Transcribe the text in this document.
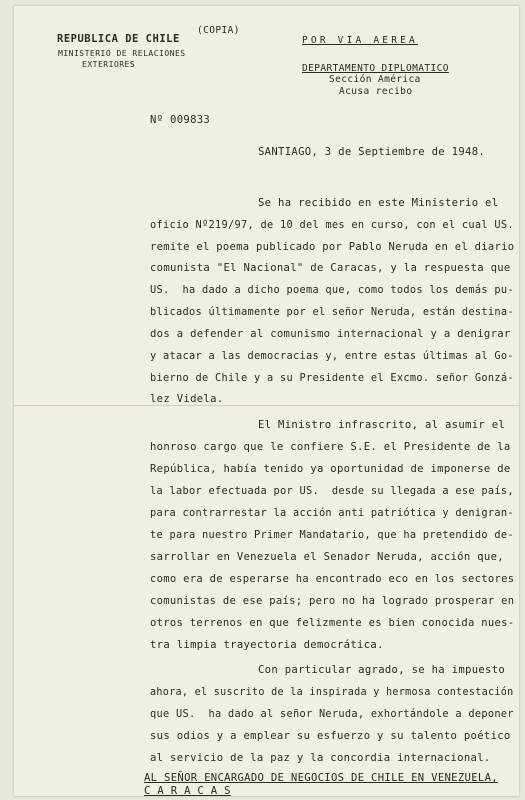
REPUBLICA DE CHILE
MINISTERIO DE RELACIONES
EXTERIORES
(COPIA)
POR VIA AEREA
DEPARTAMENTO DIPLOMATICO
Sección América
Acusa recibo
Nº 009833
SANTIAGO, 3 de Septiembre de 1948.
Se ha recibido en este Ministerio el
oficio Nº219/97, de 10 del mes en curso, con el cual US.
remite el poema publicado por Pablo Neruda en el diario
comunista "El Nacional" de Caracas, y la respuesta que
US.  ha dado a dicho poema que, como todos los demás pu-
blicados últimamente por el señor Neruda, están destina-
dos a defender al comunismo internacional y a denigrar
y atacar a las democracias y, entre estas últimas al Go-
bierno de Chile y a su Presidente el Excmo. señor Gonzá-
lez Videla.
El Ministro infrascrito, al asumir el
honroso cargo que le confiere S.E. el Presidente de la
República, había tenido ya oportunidad de imponerse de
la labor efectuada por US.  desde su llegada a ese país,
para contrarrestar la acción anti patriótica y denigran-
te para nuestro Primer Mandatario, que ha pretendido de-
sarrollar en Venezuela el Senador Neruda, acción que,
como era de esperarse ha encontrado eco en los sectores
comunistas de ese país; pero no ha logrado prosperar en
otros terrenos en que felizmente es bien conocida nues-
tra limpia trayectoria democrática.
Con particular agrado, se ha impuesto
ahora, el suscrito de la inspirada y hermosa contestación
que US.  ha dado al señor Neruda, exhortándole a deponer
sus odios y a emplear su esfuerzo y su talento poético
al servicio de la paz y la concordia internacional.
AL SEÑOR ENCARGADO DE NEGOCIOS DE CHILE EN VENEZUELA,
C A R A C A S
